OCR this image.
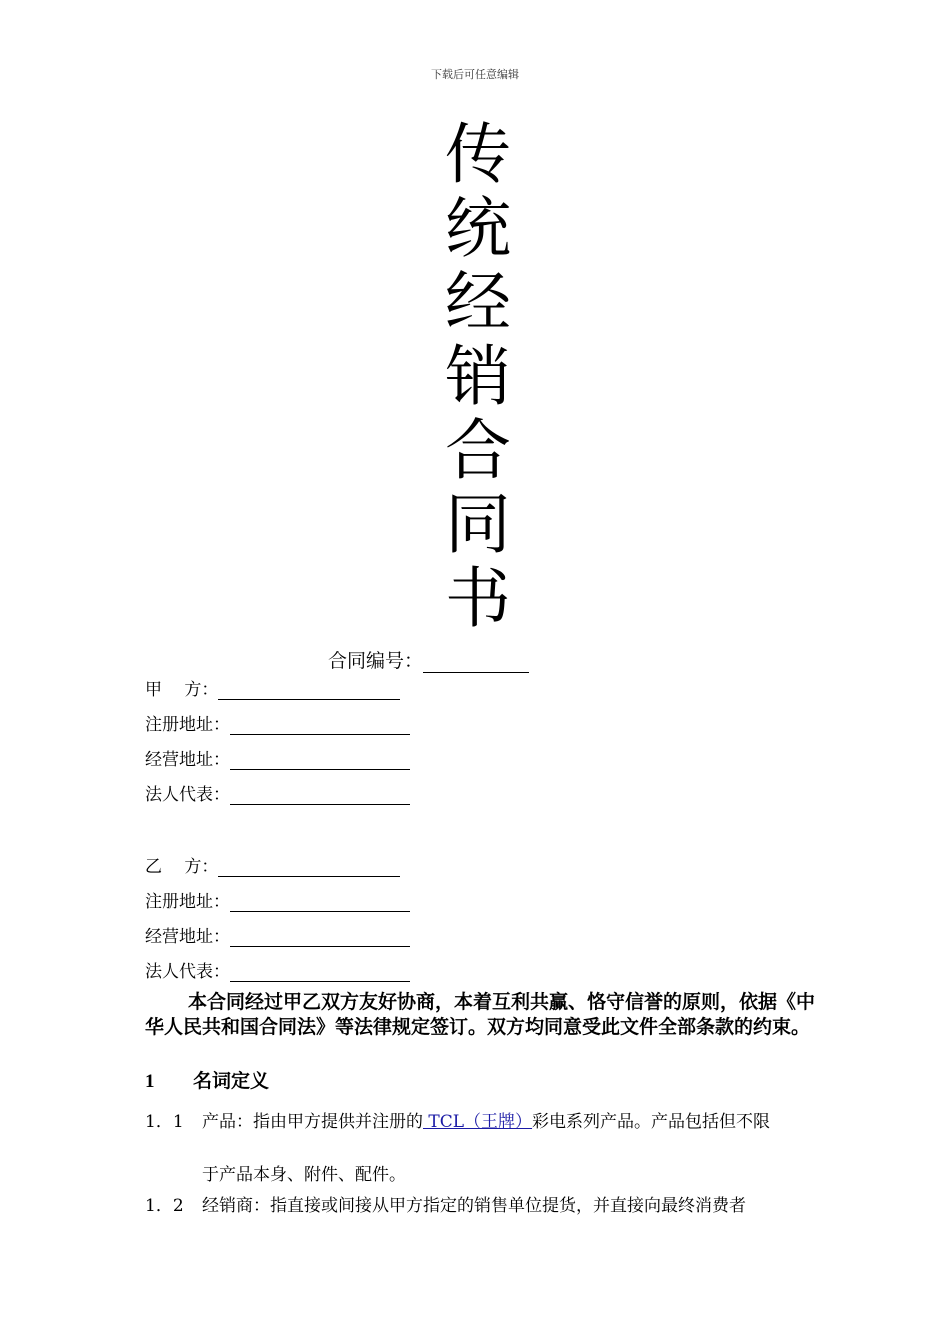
下载后可任意编辑
传
统
经
销
合
同
书
合同编号：
甲　 方：
注册地址：
经营地址：
法人代表：
乙　 方：
注册地址：
经营地址：
法人代表：
本合同经过甲乙双方友好协商，本着互利共赢、恪守信誉的原则，依据《中华人民共和国合同法》等法律规定签订。双方均同意受此文件全部条款的约束。
1 名词定义
1．1 产品：指由甲方提供并注册的 TCL（王牌）彩电系列产品。产品包括但不限
于产品本身、附件、配件。
1．2 经销商：指直接或间接从甲方指定的销售单位提货，并直接向最终消费者
